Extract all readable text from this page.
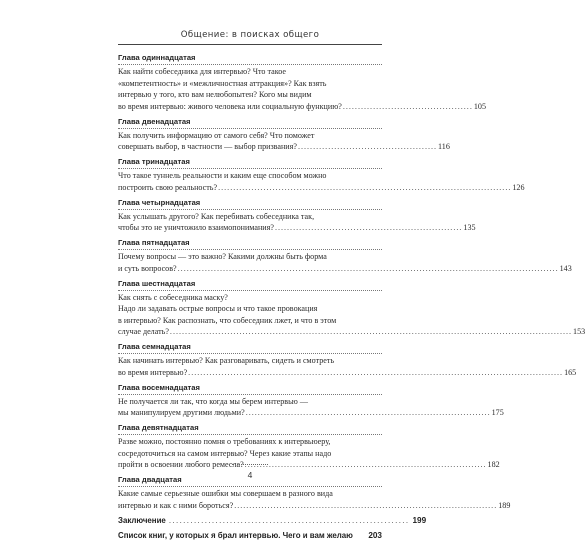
Общение: в поисках общего
Глава одиннадцатая
Как найти собеседника для интервью? Что такое
«компетентность» и «межличностная аттракция»? Как взять
интервью у того, кто вам нелюбопытен? Кого мы видим
во время интервью: живого человека или социальную функцию? ........................................... 105
Глава двенадцатая
Как получить информацию от самого себя? Что поможет
совершать выбор, в частности — выбор призвания? .............................................. 116
Глава тринадцатая
Что такое туннель реальности и каким еще способом можно
построить свою реальность? ................................................................................................. 126
Глава четырнадцатая
Как услышать другого? Как перебивать собеседника так,
чтобы это не уничтожило взаимопонимания? .............................................................. 135
Глава пятнадцатая
Почему вопросы — это важно? Какими должны быть форма
и суть вопросов? .............................................................................................................................. 143
Глава шестнадцатая
Как снять с собеседника маску?
Надо ли задавать острые вопросы и что такое провокация
в интервью? Как распознать, что собеседник лжет, и что в этом
случае делать? ..................................................................................................................................... 153
Глава семнадцатая
Как начинать интервью? Как разговаривать, сидеть и смотреть
во время интервью? ............................................................................................................................ 165
Глава восемнадцатая
Не получается ли так, что когда мы берем интервью —
мы манипулируем другими людьми? ................................................................................. 175
Глава девятнадцатая
Разве можно, постоянно помня о требованиях к интервьюеру,
сосредоточиться на самом интервью? Через какие этапы надо
пройти в освоении любого ремесла? ................................................................................ 182
Глава двадцатая
Какие самые серьезные ошибки мы совершаем в разного вида
интервью и как с ними бороться? ....................................................................................... 189
Заключение ................................................................... 199
Список книг, у которых я брал интервью. Чего и вам желаю	203
4
